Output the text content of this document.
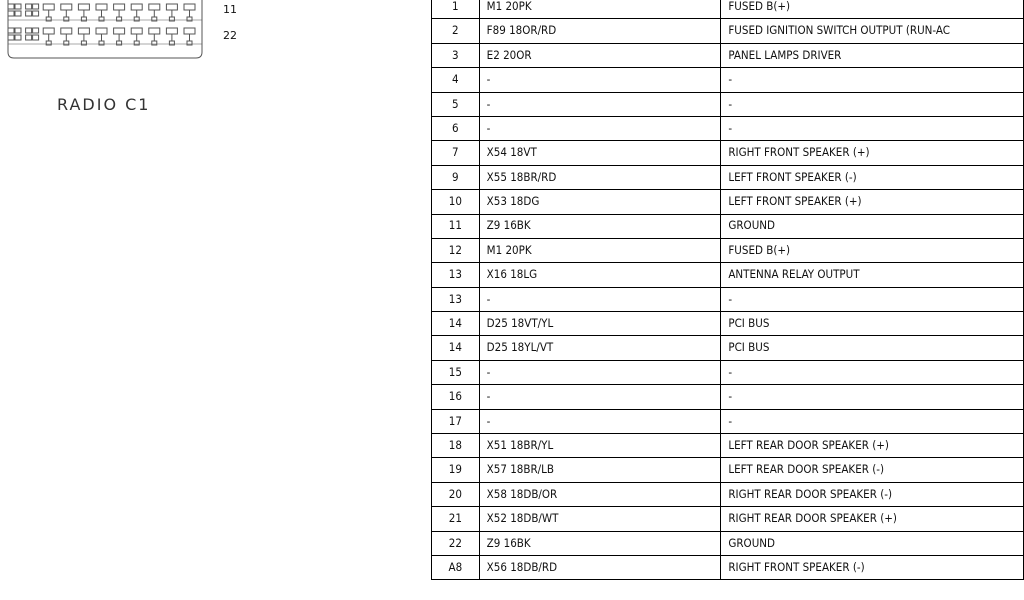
11
22
RADIO C1
1	M1 20PK	FUSED B(+)
2	F89 18OR/RD	FUSED IGNITION SWITCH OUTPUT (RUN-AC
3	E2 20OR	PANEL LAMPS DRIVER
4	-	-
5	-	-
6	-	-
7	X54 18VT	RIGHT FRONT SPEAKER (+)
9	X55 18BR/RD	LEFT FRONT SPEAKER (-)
10	X53 18DG	LEFT FRONT SPEAKER (+)
11	Z9 16BK	GROUND
12	M1 20PK	FUSED B(+)
13	X16 18LG	ANTENNA RELAY OUTPUT
13	-	-
14	D25 18VT/YL	PCI BUS
14	D25 18YL/VT	PCI BUS
15	-	-
16	-	-
17	-	-
18	X51 18BR/YL	LEFT REAR DOOR SPEAKER (+)
19	X57 18BR/LB	LEFT REAR DOOR SPEAKER (-)
20	X58 18DB/OR	RIGHT REAR DOOR SPEAKER (-)
21	X52 18DB/WT	RIGHT REAR DOOR SPEAKER (+)
22	Z9 16BK	GROUND
A8	X56 18DB/RD	RIGHT FRONT SPEAKER (-)
